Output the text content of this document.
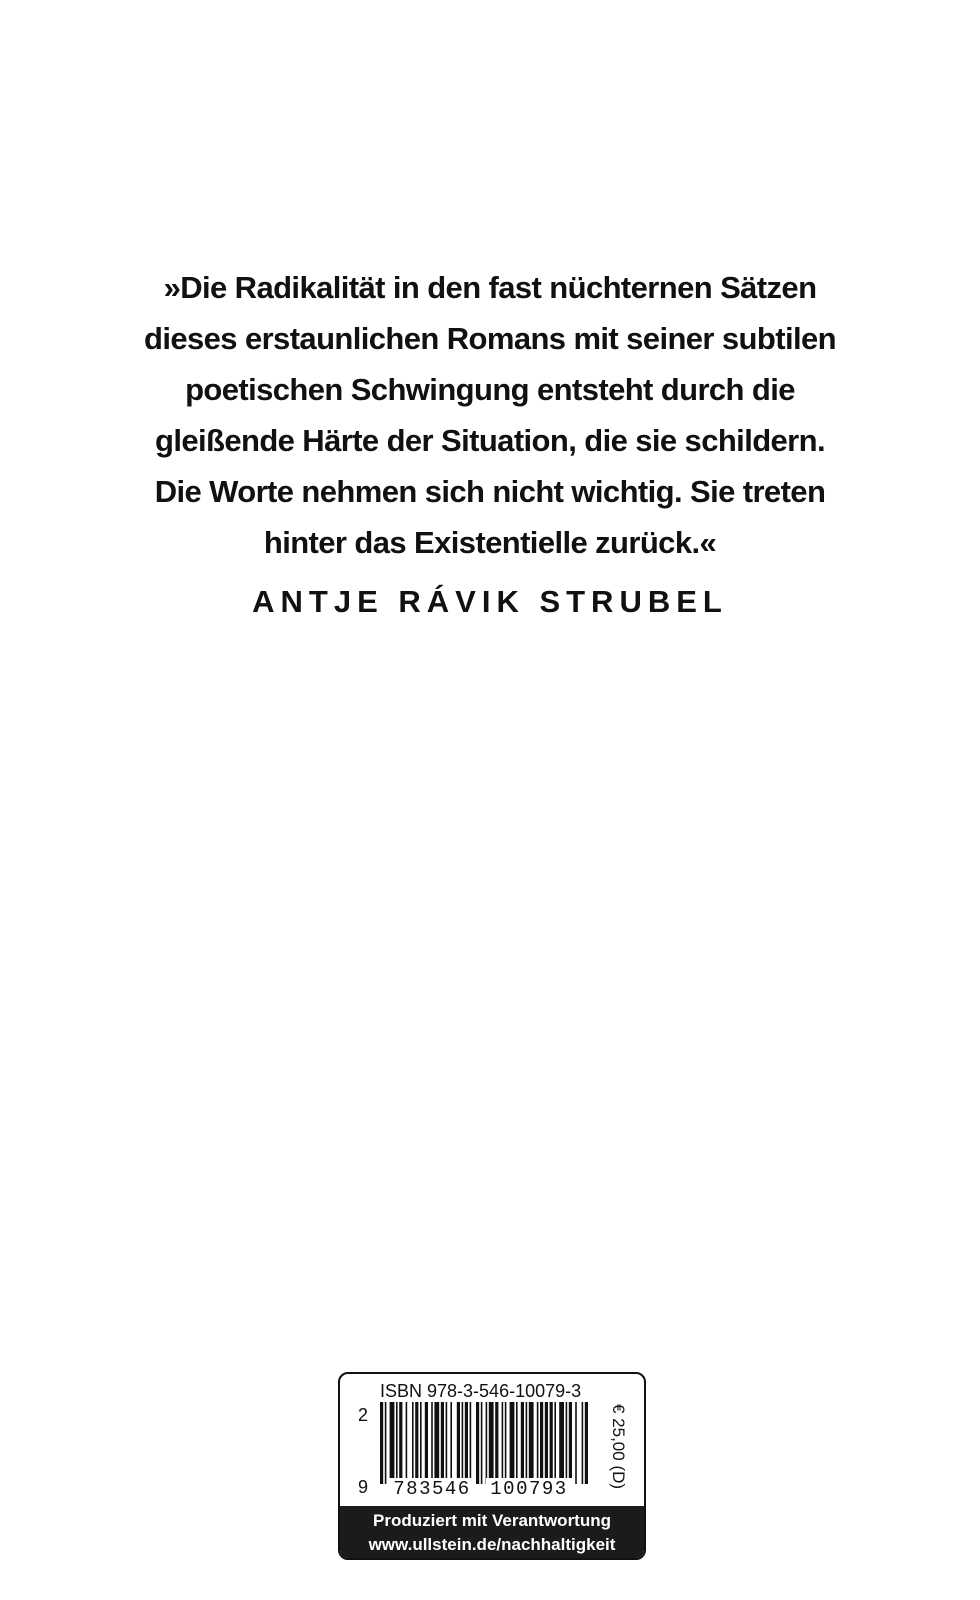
»Die Radikalität in den fast nüchternen Sätzen
dieses erstaunlichen Romans mit seiner subtilen
poetischen Schwingung entsteht durch die
gleißende Härte der Situation, die sie schildern.
Die Worte nehmen sich nicht wichtig. Sie treten
hinter das Existentielle zurück.«
ANTJE RÁVIK STRUBEL
ISBN 978-3-546-10079-3
2
9 783546 100793	€ 25,00 (D)
Produziert mit Verantwortung
www.ullstein.de/nachhaltigkeit
